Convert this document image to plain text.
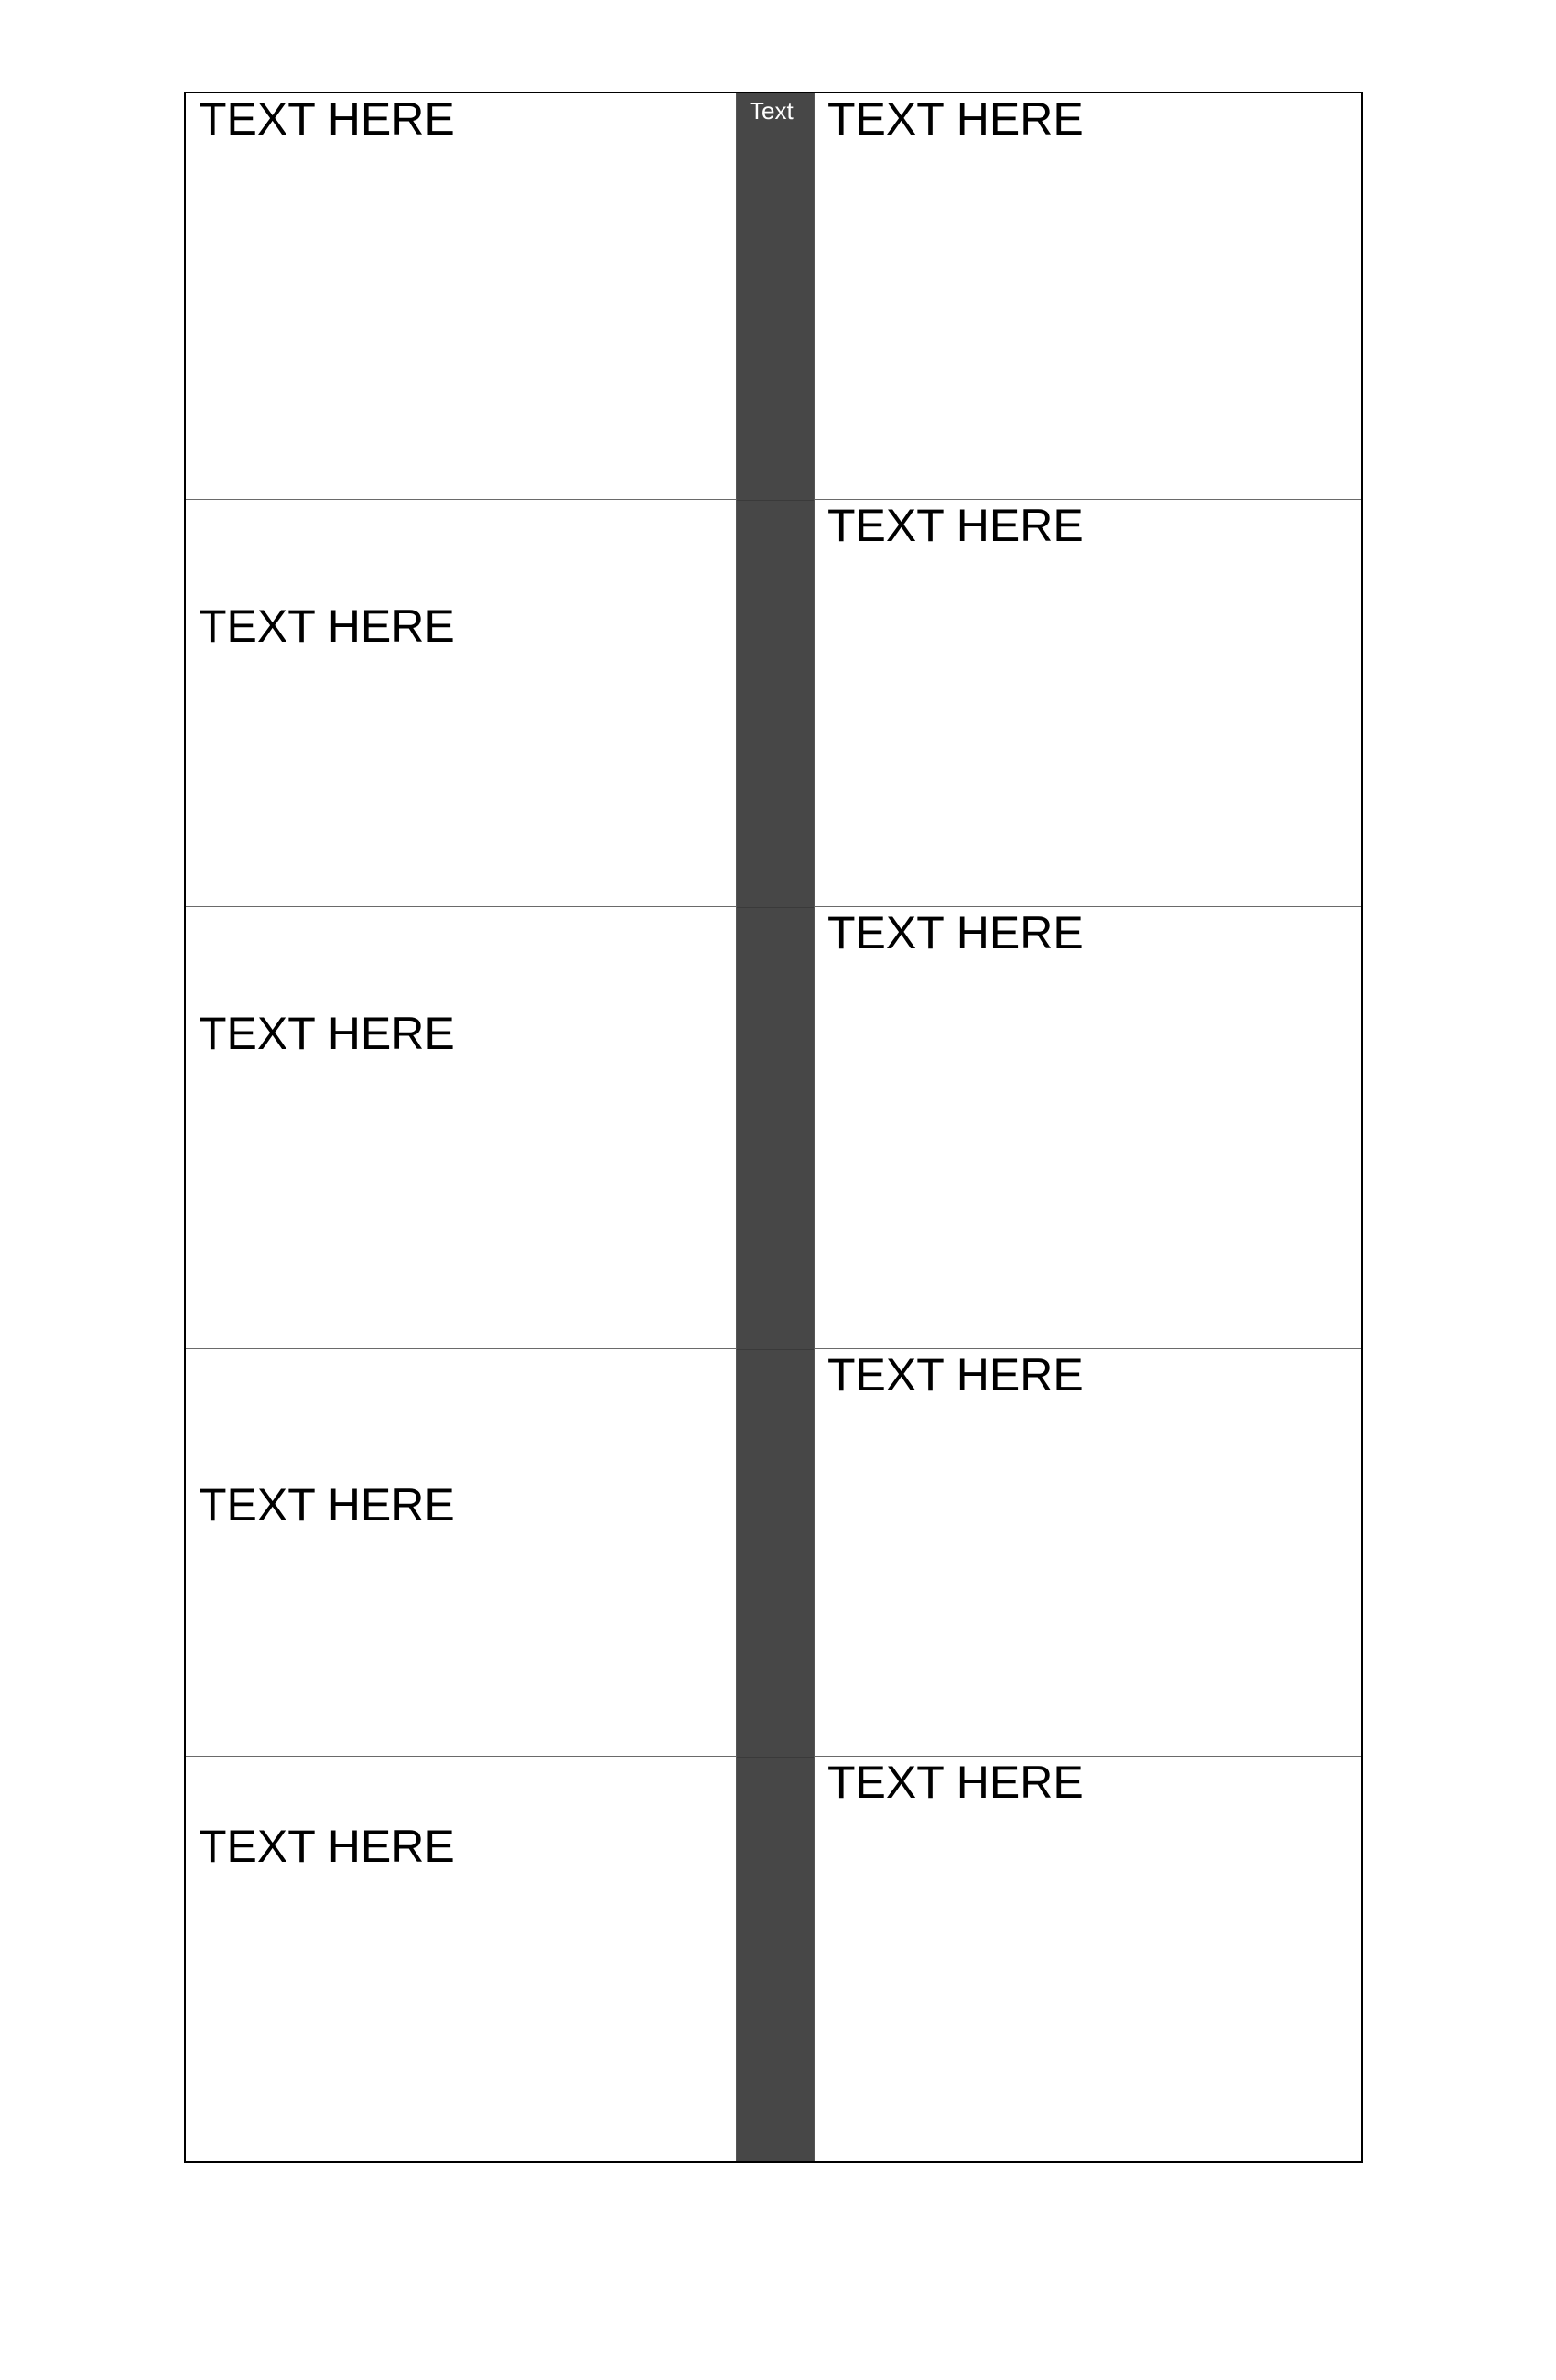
TEXT HERE	TEXT HERE
TEXT HERE
TEXT HERE
TEXT HERE
TEXT HERE
TEXT HERE
TEXT HERE
TEXT HERE
TEXT HERE
Text
